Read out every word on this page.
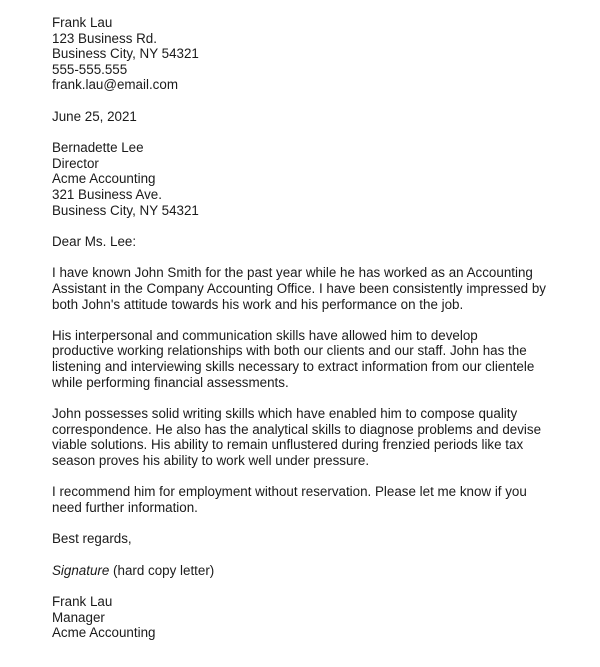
Frank Lau
123 Business Rd.
Business City, NY 54321
555-555.555
frank.lau@email.com
June 25, 2021
Bernadette Lee
Director
Acme Accounting
321 Business Ave.
Business City, NY 54321
Dear Ms. Lee:
I have known John Smith for the past year while he has worked as an Accounting
Assistant in the Company Accounting Office. I have been consistently impressed by
both John's attitude towards his work and his performance on the job.
His interpersonal and communication skills have allowed him to develop
productive working relationships with both our clients and our staff. John has the
listening and interviewing skills necessary to extract information from our clientele
while performing financial assessments.
John possesses solid writing skills which have enabled him to compose quality
correspondence. He also has the analytical skills to diagnose problems and devise
viable solutions. His ability to remain unflustered during frenzied periods like tax
season proves his ability to work well under pressure.
I recommend him for employment without reservation. Please let me know if you
need further information.
Best regards,
Signature (hard copy letter)
Frank Lau
Manager
Acme Accounting
